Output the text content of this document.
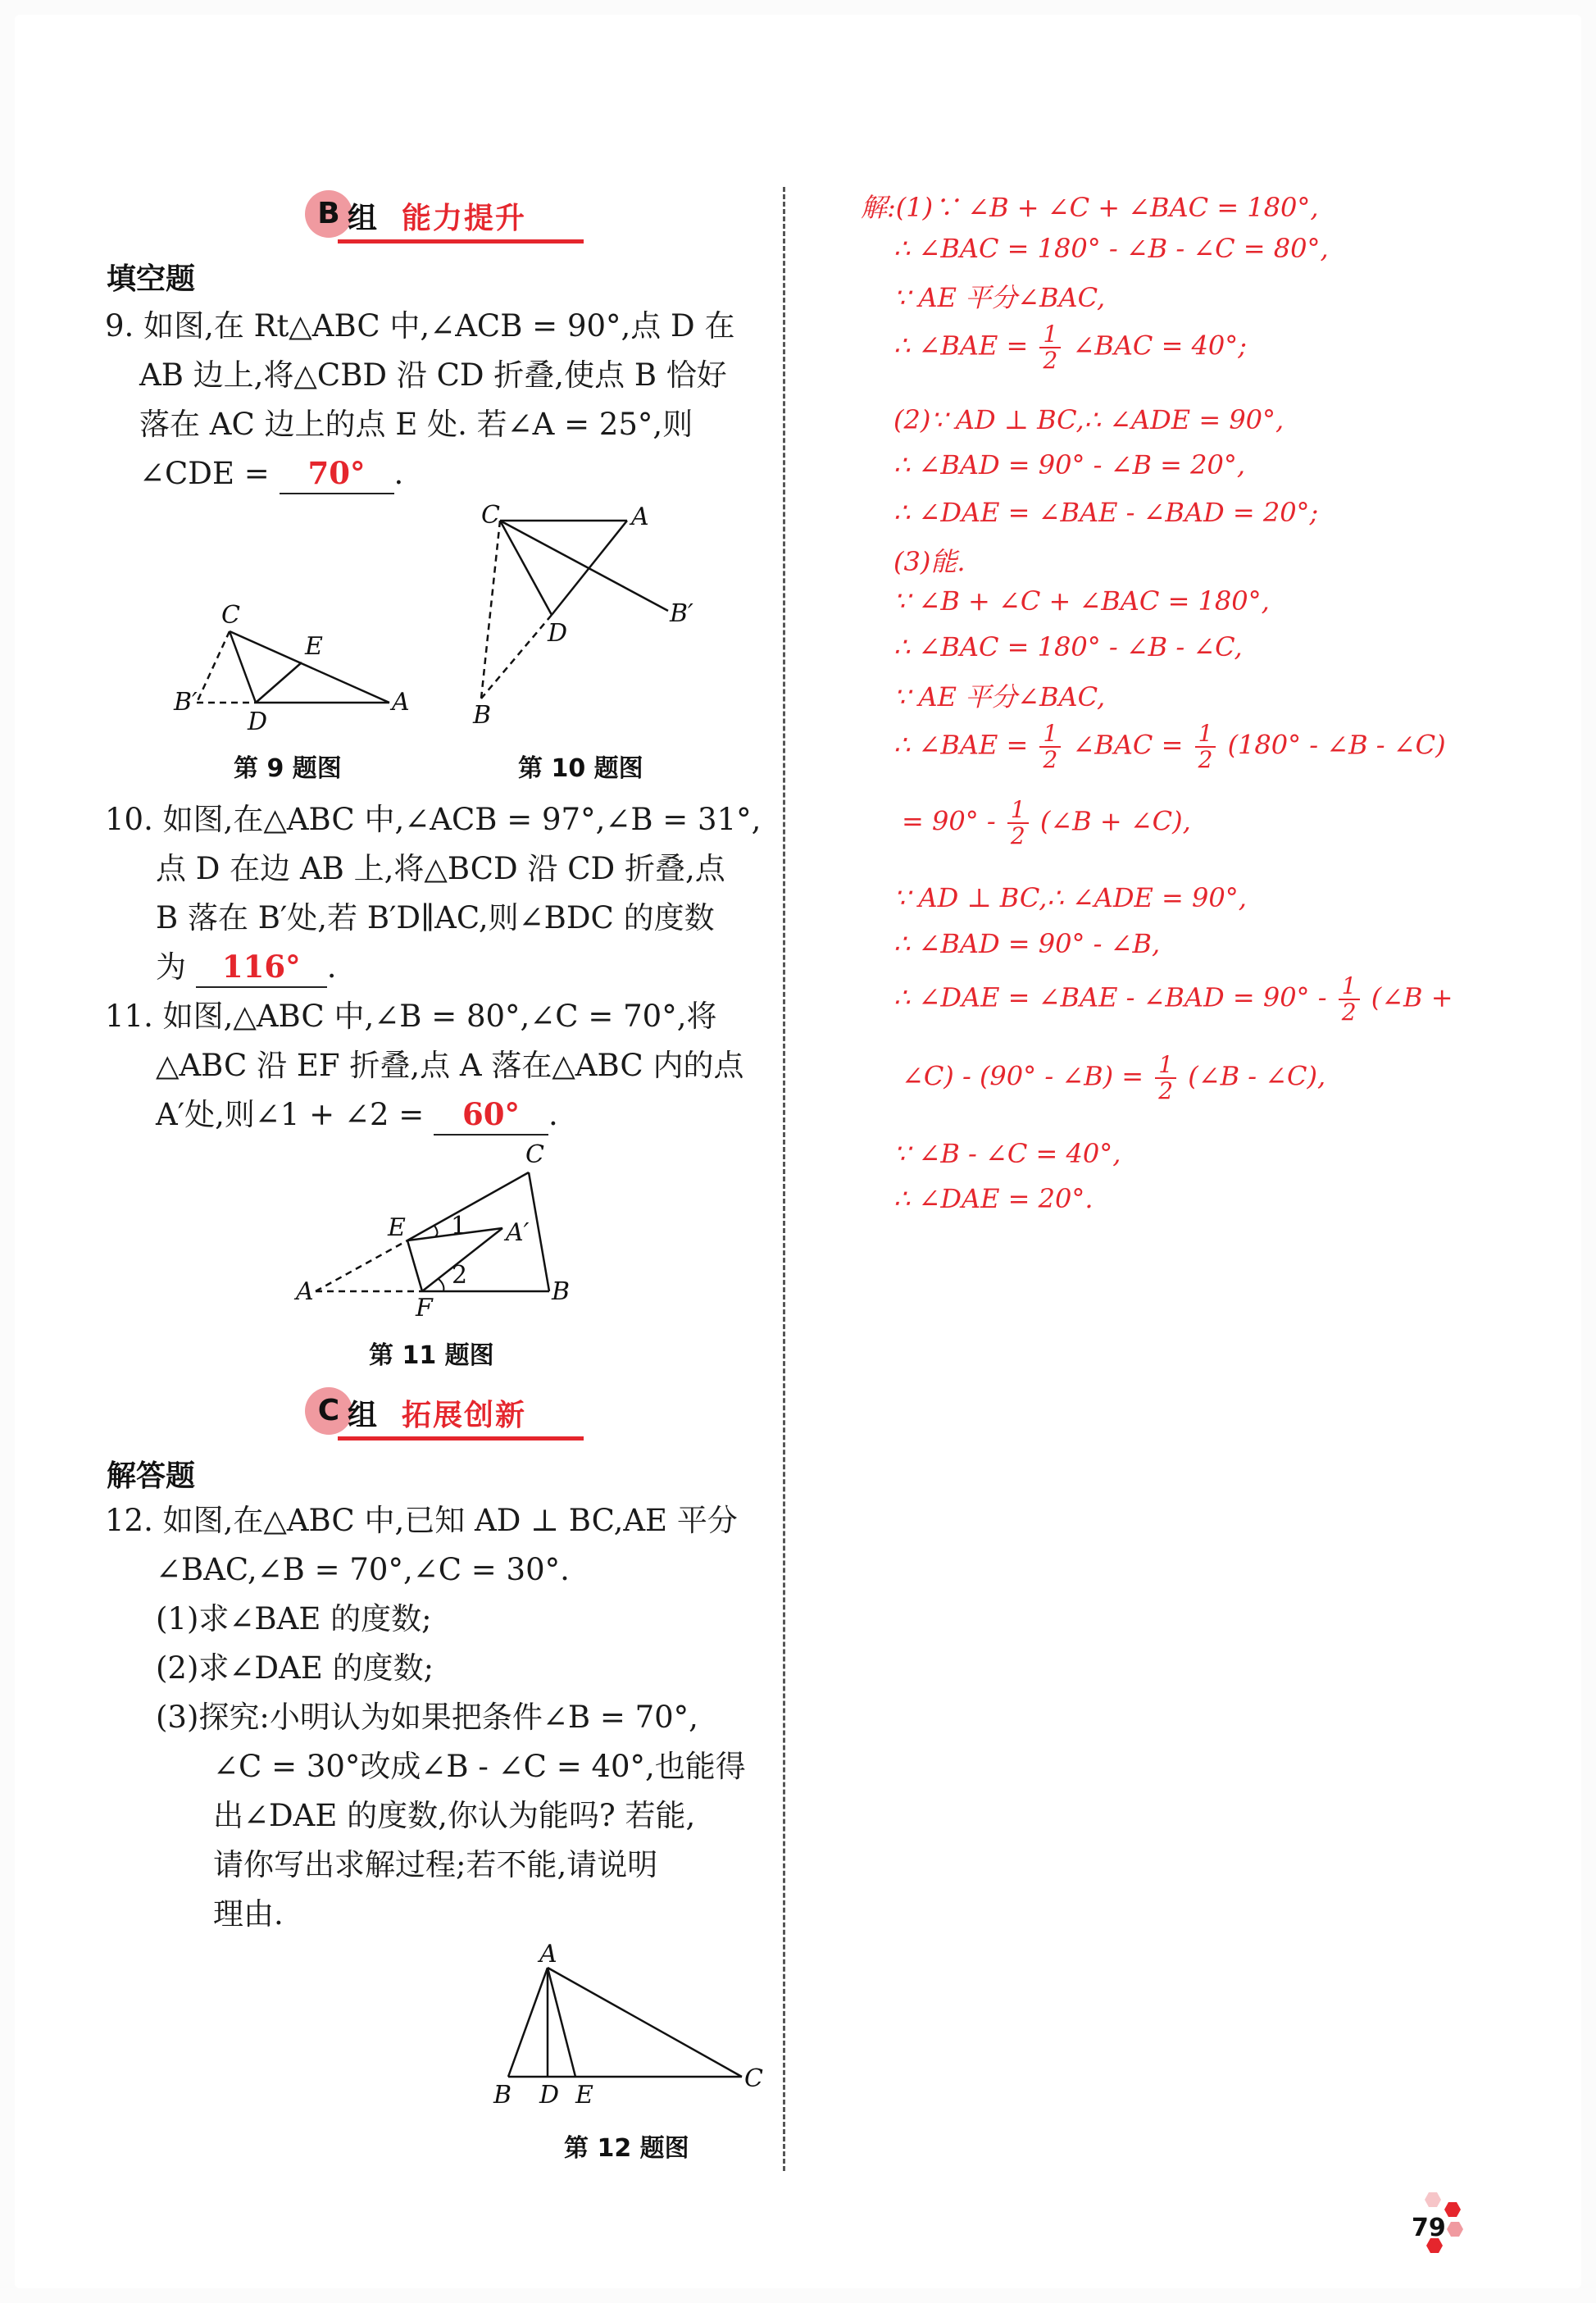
B 组 能力提升
填空题
9. 如图,在 Rt△ABC 中,∠ACB = 90°,点 D 在
AB 边上,将△CBD 沿 CD 折叠,使点 B 恰好
落在 AC 边上的点 E 处. 若∠A = 25°,则
∠CDE = 70° .
C
E
B′
D
A
第 9 题图
C	A
B′
D
B
第 10 题图
10. 如图,在△ABC 中,∠ACB = 97°,∠B = 31°,
点 D 在边 AB 上,将△BCD 沿 CD 折叠,点
B 落在 B′处,若 B′D∥AC,则∠BDC 的度数
为 116° .
11. 如图,△ABC 中,∠B = 80°,∠C = 70°,将
△ABC 沿 EF 折叠,点 A 落在△ABC 内的点
A′处,则∠1 + ∠2 = 60° .
C
E 1 A′
2
A
F
B
第 11 题图
C 组 拓展创新
解答题
12. 如图,在△ABC 中,已知 AD ⊥ BC,AE 平分
∠BAC,∠B = 70°,∠C = 30°.
(1)求∠BAE 的度数;
(2)求∠DAE 的度数;
(3)探究:小明认为如果把条件∠B = 70°,
∠C = 30°改成∠B - ∠C = 40°,也能得
出∠DAE 的度数,你认为能吗? 若能,
请你写出求解过程;若不能,请说明
理由.
A
B D E
C
第 12 题图
解:(1)∵ ∠B + ∠C + ∠BAC = 180°,
∴ ∠BAC = 180° - ∠B - ∠C = 80°,
∵ AE 平分∠BAC,
∴ ∠BAE = $\frac{1}{2}$ ∠BAC = 40°;
(2)∵ AD ⊥ BC,∴ ∠ADE = 90°,
∴ ∠BAD = 90° - ∠B = 20°,
∴ ∠DAE = ∠BAE - ∠BAD = 20°;
(3)能.
∵ ∠B + ∠C + ∠BAC = 180°,
∴ ∠BAC = 180° - ∠B - ∠C,
∵ AE 平分∠BAC,
∴ ∠BAE = $\frac{1}{2}$ ∠BAC = $\frac{1}{2} (180^\circ$ - ∠B - ∠C)
= $90^\circ - \frac{1}{2}$ (∠B + ∠C),
∵ AD ⊥ BC,∴ ∠ADE = 90°,
∴ ∠BAD = 90° - ∠B,
∴ ∠DAE = ∠BAE - ∠BAD = $90^\circ - \frac{1}{2}$ (∠B +
∠C) - (90° - ∠B) = $\frac{1}{2}$ (∠B - ∠C),
∵ ∠B - ∠C = 40°,
∴ ∠DAE = 20°.
79
